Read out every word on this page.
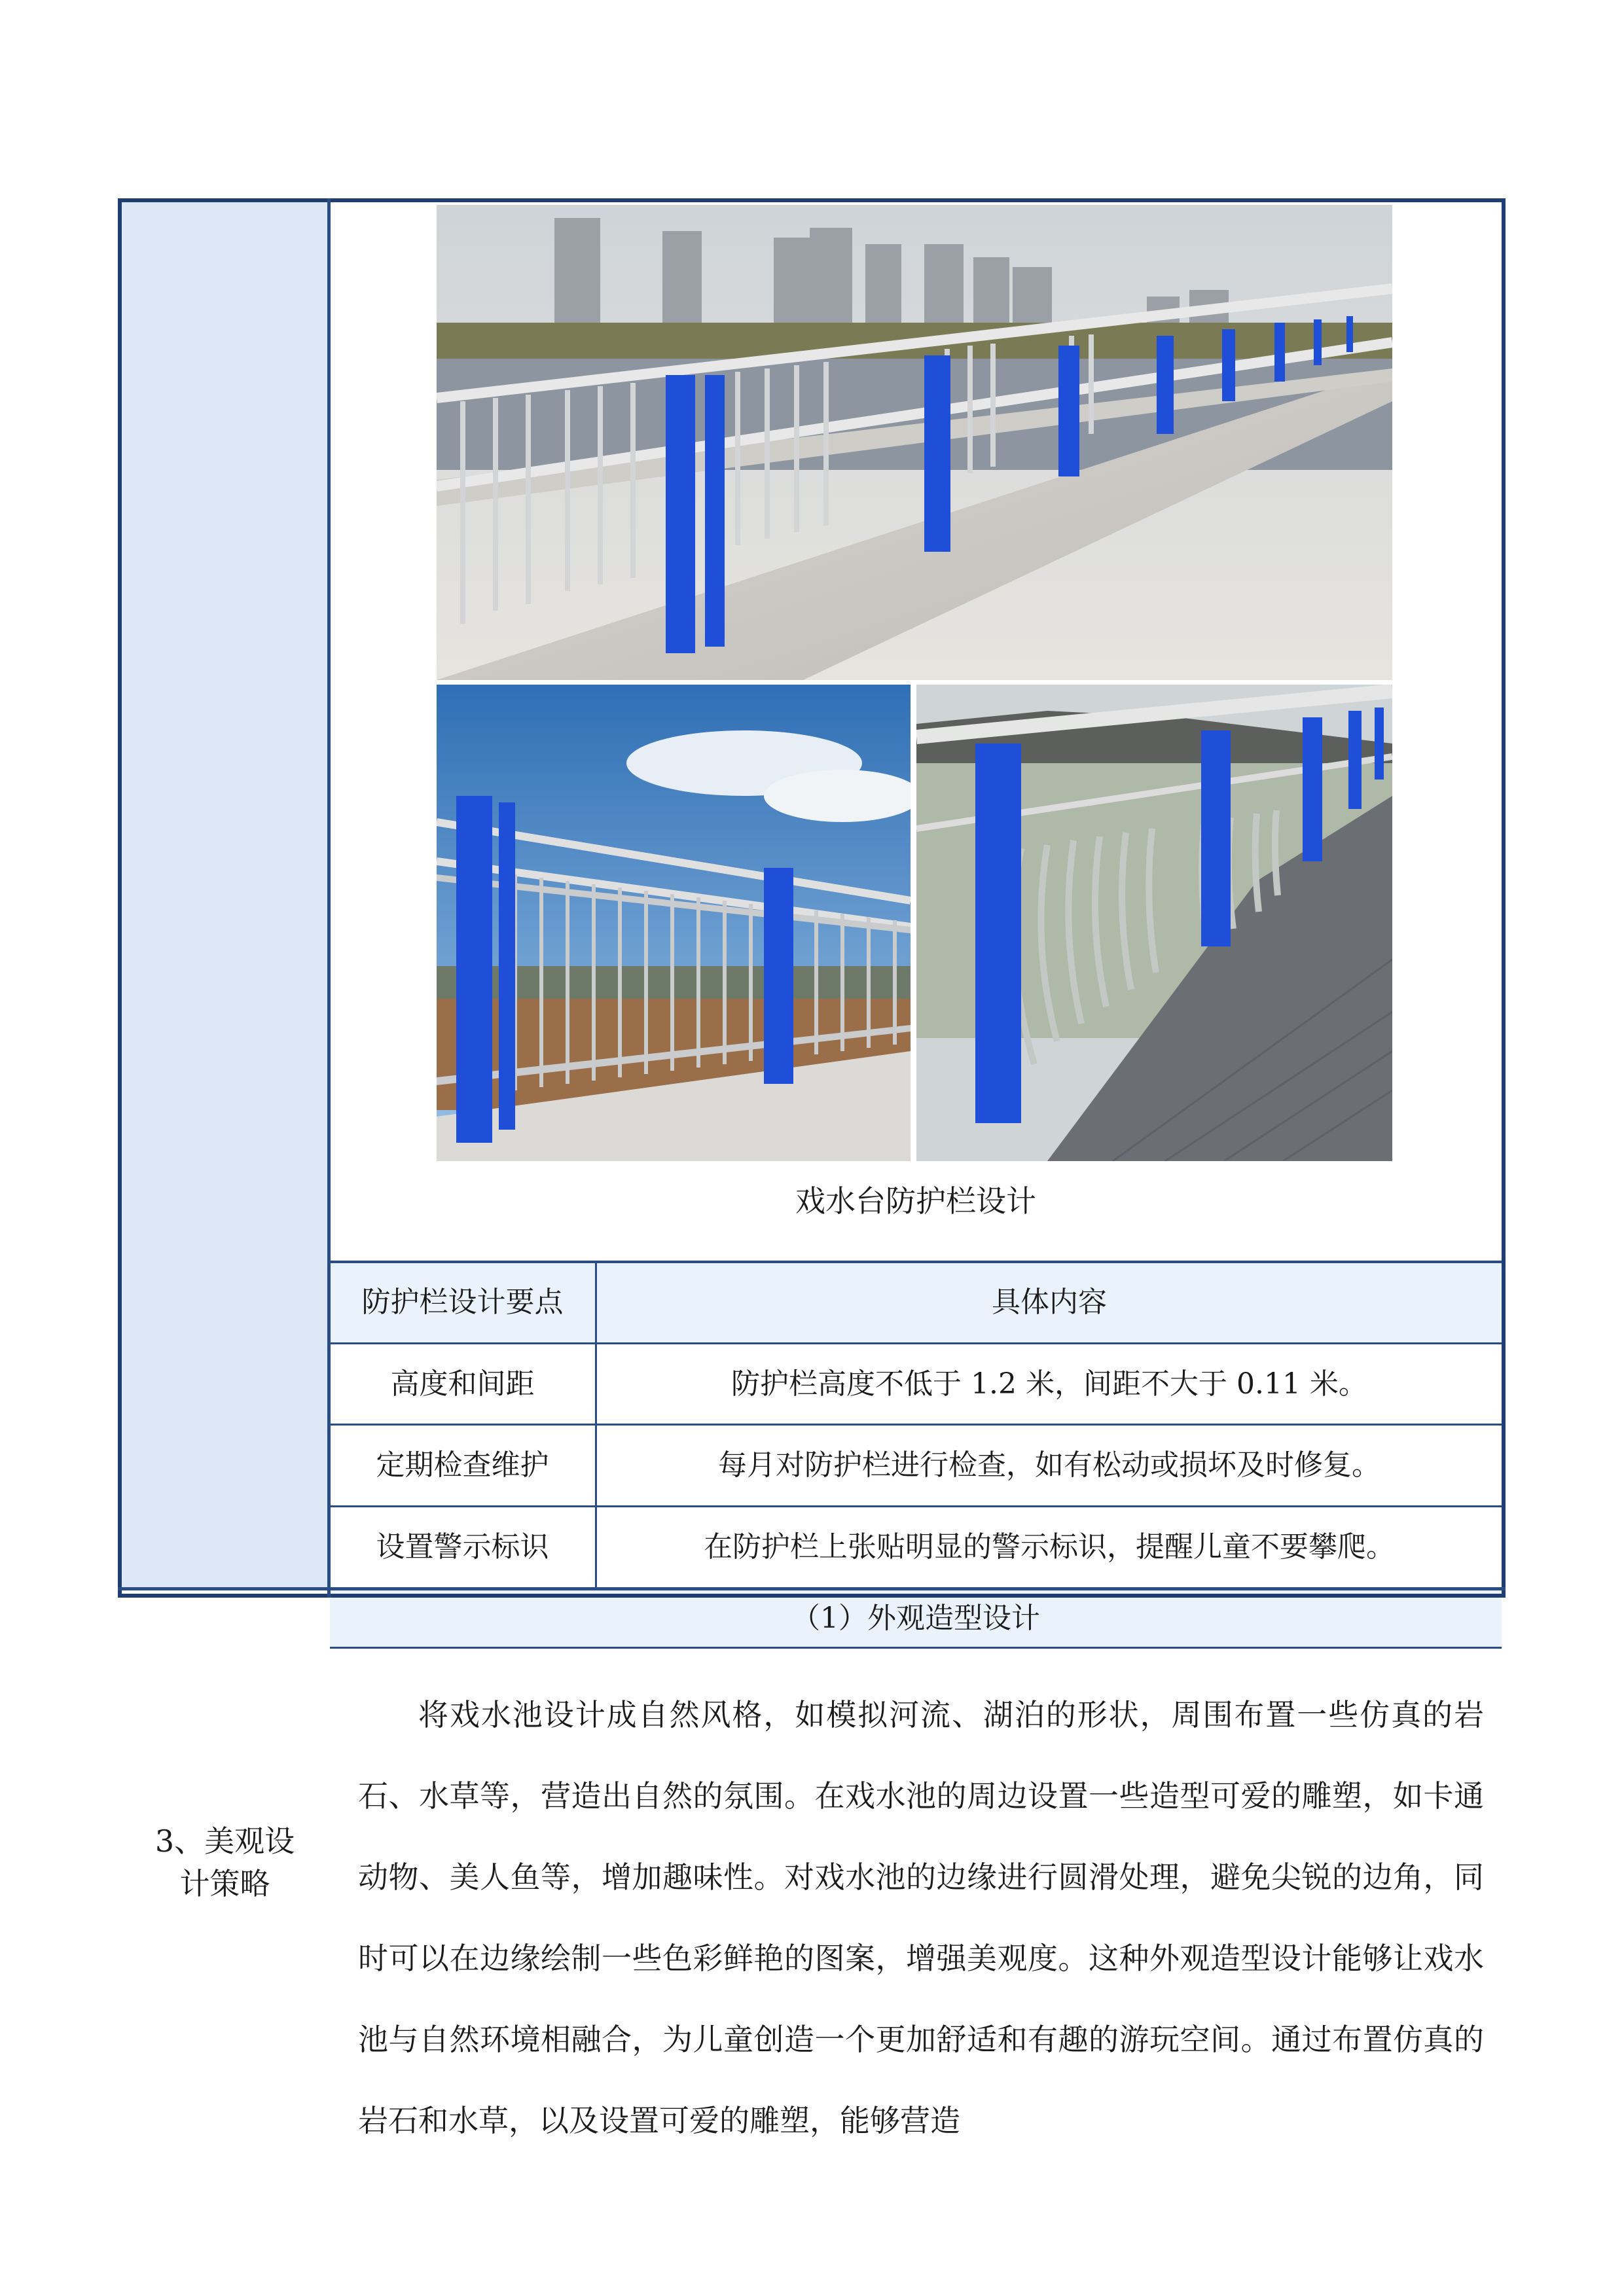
戏水台防护栏设计
防护栏设计要点	具体内容
高度和间距	防护栏高度不低于 1.2 米，间距不大于 0.11 米。
定期检查维护	每月对防护栏进行检查，如有松动或损坏及时修复。
设置警示标识	在防护栏上张贴明显的警示标识，提醒儿童不要攀爬。
3、美观设
计策略
（1）外观造型设计

将戏水池设计成自然风格，如模拟河流、湖泊的形状，周围布置一些仿真的岩石、水草等，营造出自然的氛围。在戏水池的周边设置一些造型可爱的雕塑，如卡通动物、美人鱼等，增加趣味性。对戏水池的边缘进行圆滑处理，避免尖锐的边角，同时可以在边缘绘制一些色彩鲜艳的图案，增强美观度。这种外观造型设计能够让戏水池与自然环境相融合，为儿童创造一个更加舒适和有趣的游玩空间。通过布置仿真的岩石和水草，以及设置可爱的雕塑，能够营造
